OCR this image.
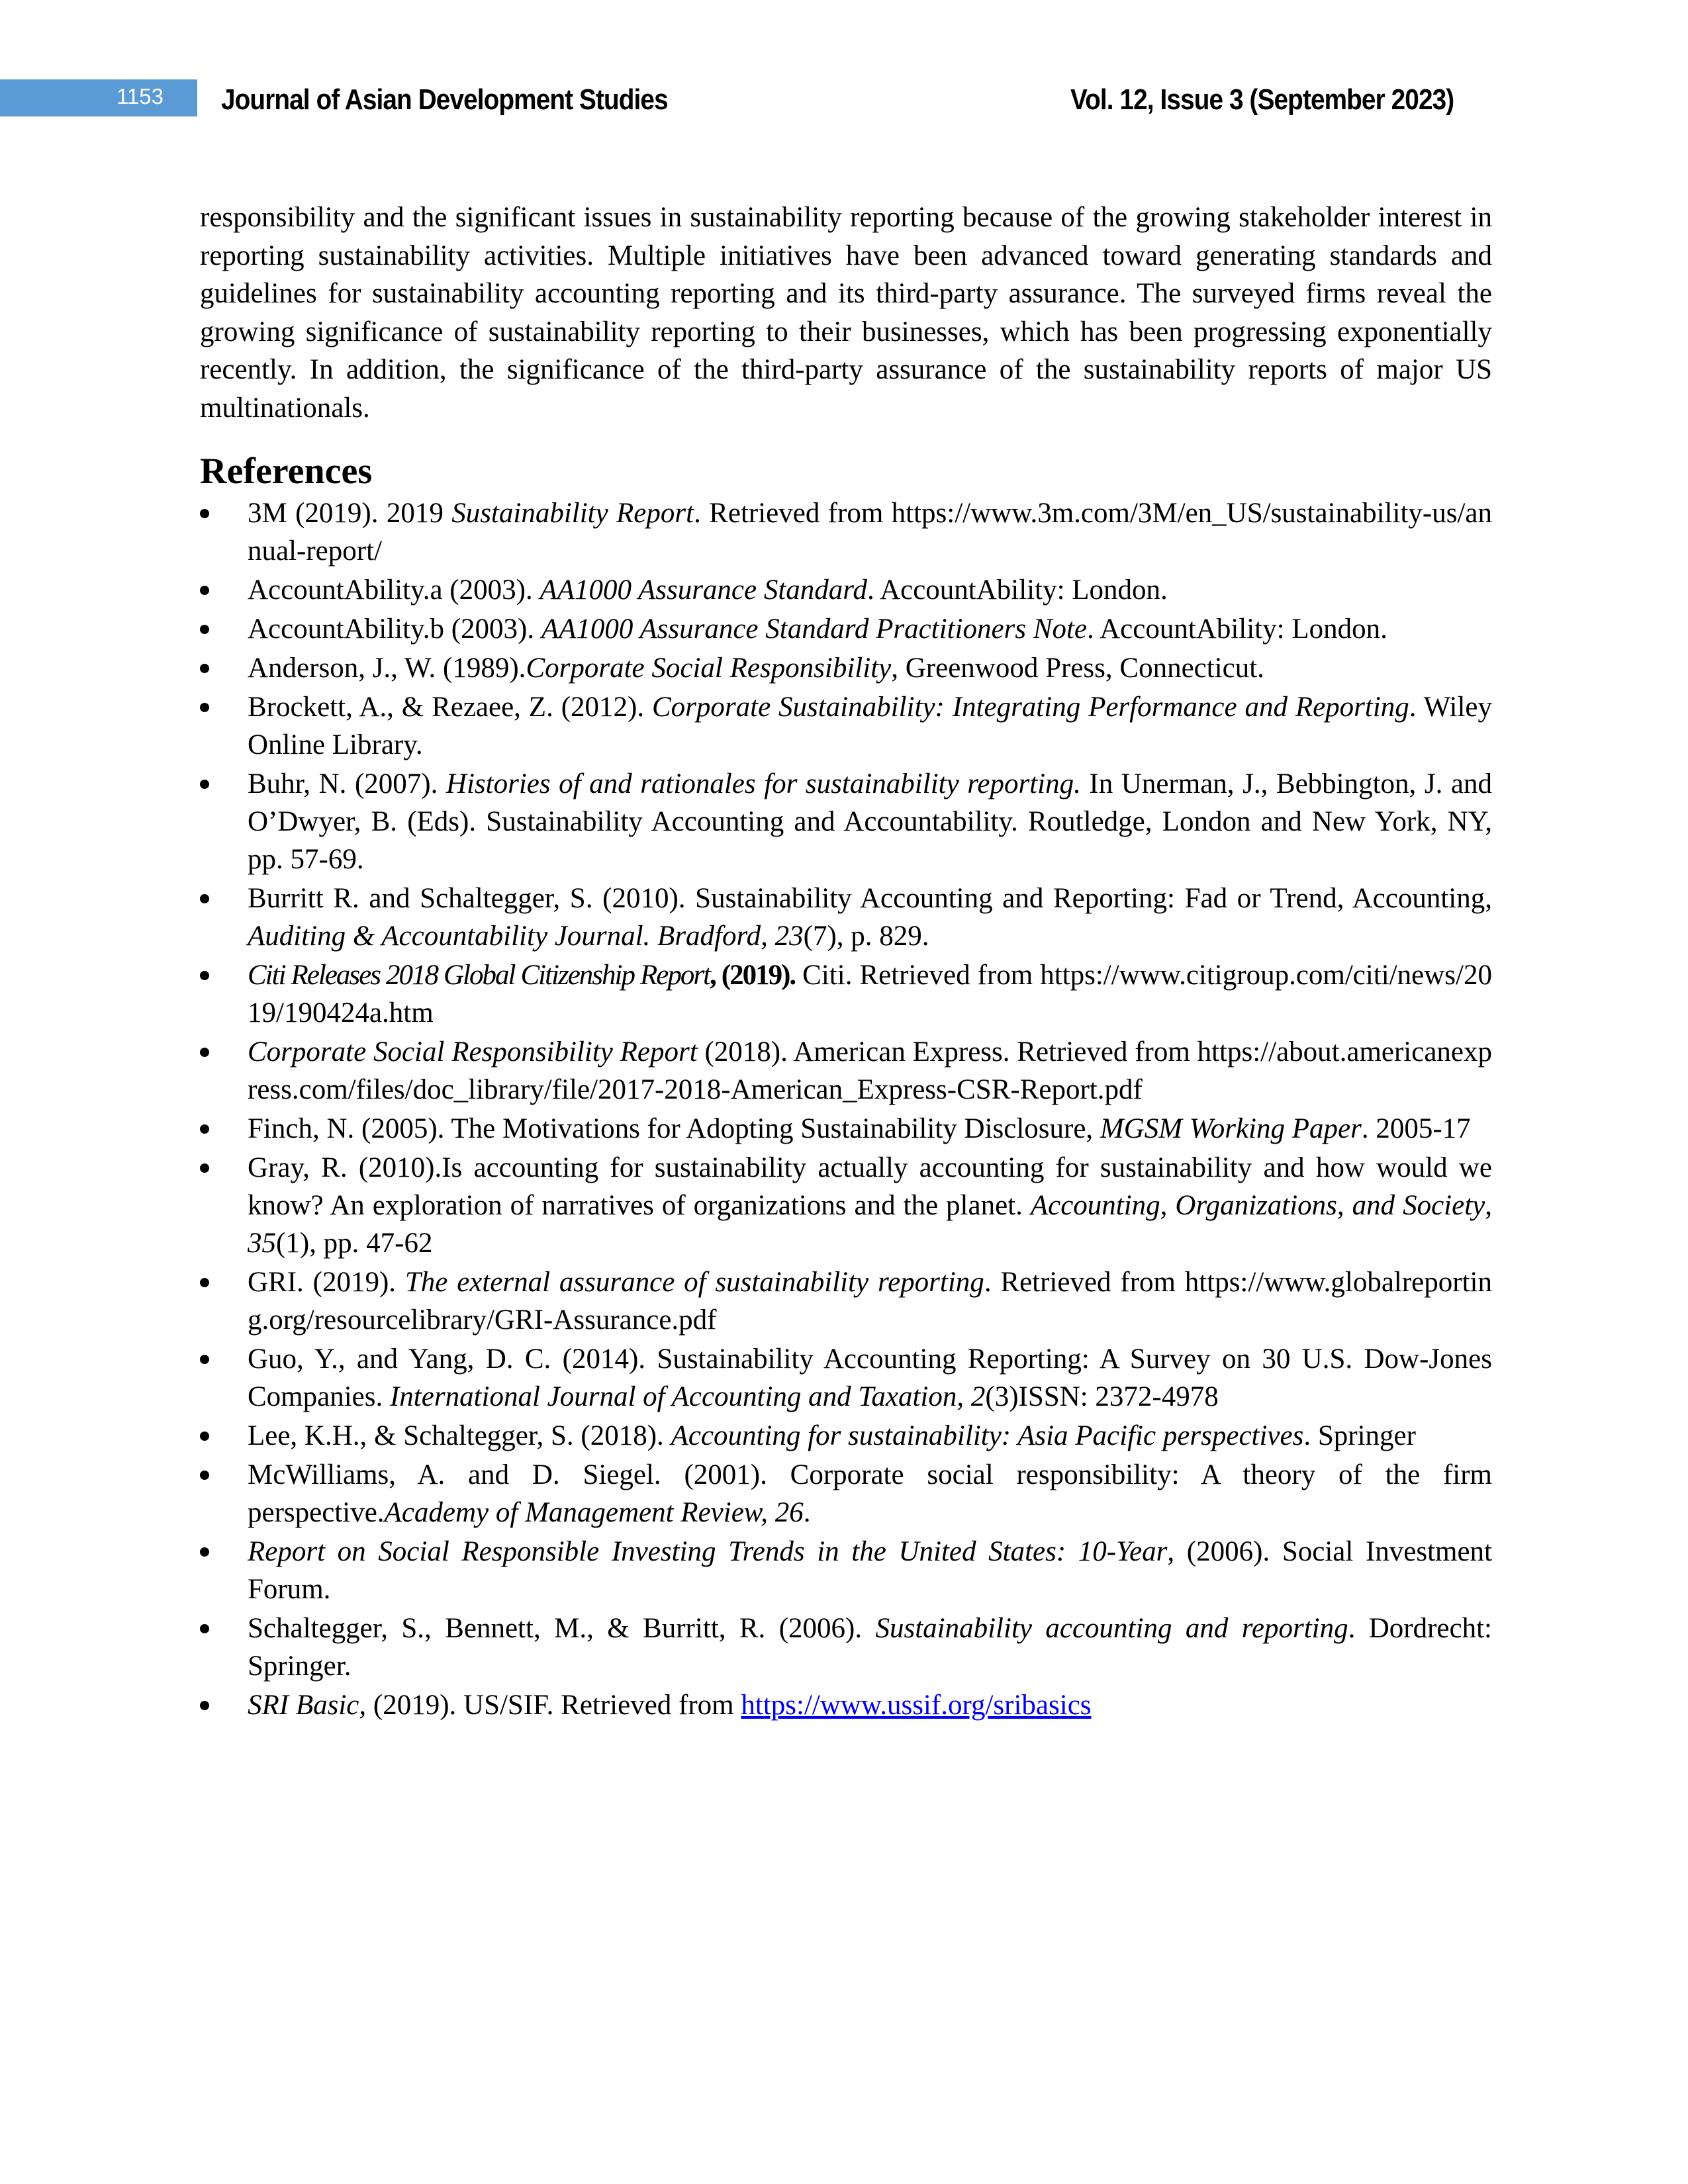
1153 Journal of Asian Development Studies	Vol. 12, Issue 3 (September 2023)

responsibility and the significant issues in sustainability reporting because of the growing stakeholder interest in reporting sustainability activities. Multiple initiatives have been advanced toward generating standards and guidelines for sustainability accounting reporting and its third-party assurance. The surveyed firms reveal the growing significance of sustainability reporting to their businesses, which has been progressing exponentially recently. In addition, the significance of the third-party assurance of the sustainability reports of major US multinationals.

References
3M (2019). 2019 Sustainability Report. Retrieved from https://www.3m.com/3M/en_US/sustainability-us/annual-report/
AccountAbility.a (2003). AA1000 Assurance Standard. AccountAbility: London.
AccountAbility.b (2003). AA1000 Assurance Standard Practitioners Note. AccountAbility: London.
Anderson, J., W. (1989).Corporate Social Responsibility, Greenwood Press, Connecticut.
Brockett, A., & Rezaee, Z. (2012). Corporate Sustainability: Integrating Performance and Reporting. Wiley Online Library.
Buhr, N. (2007). Histories of and rationales for sustainability reporting. In Unerman, J., Bebbington, J. and O’Dwyer, B. (Eds). Sustainability Accounting and Accountability. Routledge, London and New York, NY, pp. 57-69.
Burritt R. and Schaltegger, S. (2010). Sustainability Accounting and Reporting: Fad or Trend, Accounting, Auditing & Accountability Journal. Bradford, 23(7), p. 829.
Citi Releases 2018 Global Citizenship Report, (2019). Citi. Retrieved from https://www.citigroup.com/citi/news/2019/190424a.htm
Corporate Social Responsibility Report (2018). American Express. Retrieved from https://about.americanexpress.com/files/doc_library/file/2017-2018-American_Express-CSR-Report.pdf
Finch, N. (2005). The Motivations for Adopting Sustainability Disclosure, MGSM Working Paper. 2005-17
Gray, R. (2010).Is accounting for sustainability actually accounting for sustainability and how would we know? An exploration of narratives of organizations and the planet. Accounting, Organizations, and Society, 35(1), pp. 47-62
GRI. (2019). The external assurance of sustainability reporting. Retrieved from https://www.globalreporting.org/resourcelibrary/GRI-Assurance.pdf
Guo, Y., and Yang, D. C. (2014). Sustainability Accounting Reporting: A Survey on 30 U.S. Dow-Jones Companies. International Journal of Accounting and Taxation, 2(3)ISSN: 2372-4978
Lee, K.H., & Schaltegger, S. (2018). Accounting for sustainability: Asia Pacific perspectives. Springer
McWilliams, A. and D. Siegel. (2001). Corporate social responsibility: A theory of the firm perspective.Academy of Management Review, 26.
Report on Social Responsible Investing Trends in the United States: 10-Year, (2006). Social Investment Forum.
Schaltegger, S., Bennett, M., & Burritt, R. (2006). Sustainability accounting and reporting. Dordrecht: Springer.
SRI Basic, (2019). US/SIF. Retrieved from https://www.ussif.org/sribasics
